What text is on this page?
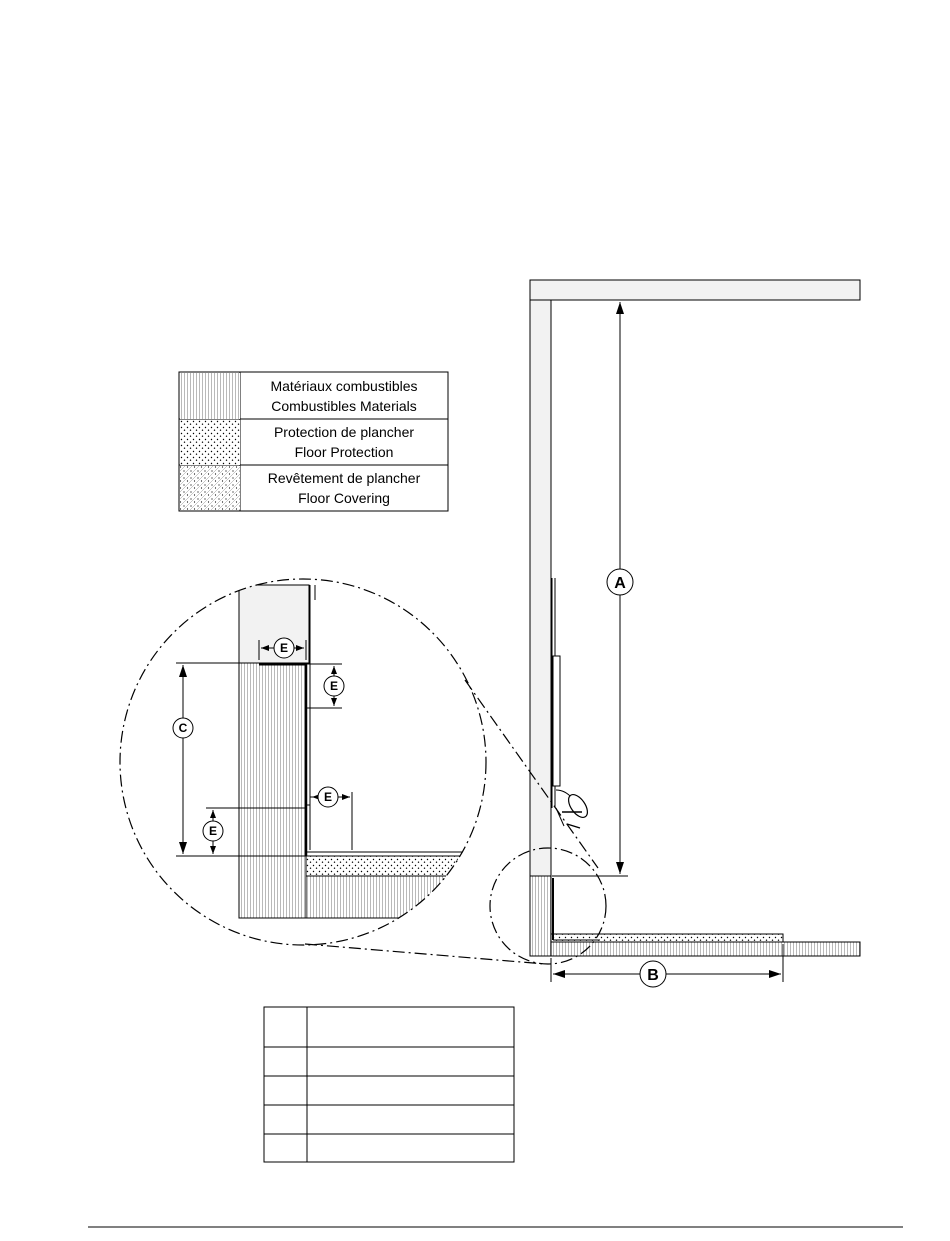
Matériaux combustibles
Combustibles Materials
Protection de plancher
Floor Protection
Revêtement de plancher
Floor Covering
A
B
C
E
E
E
E
